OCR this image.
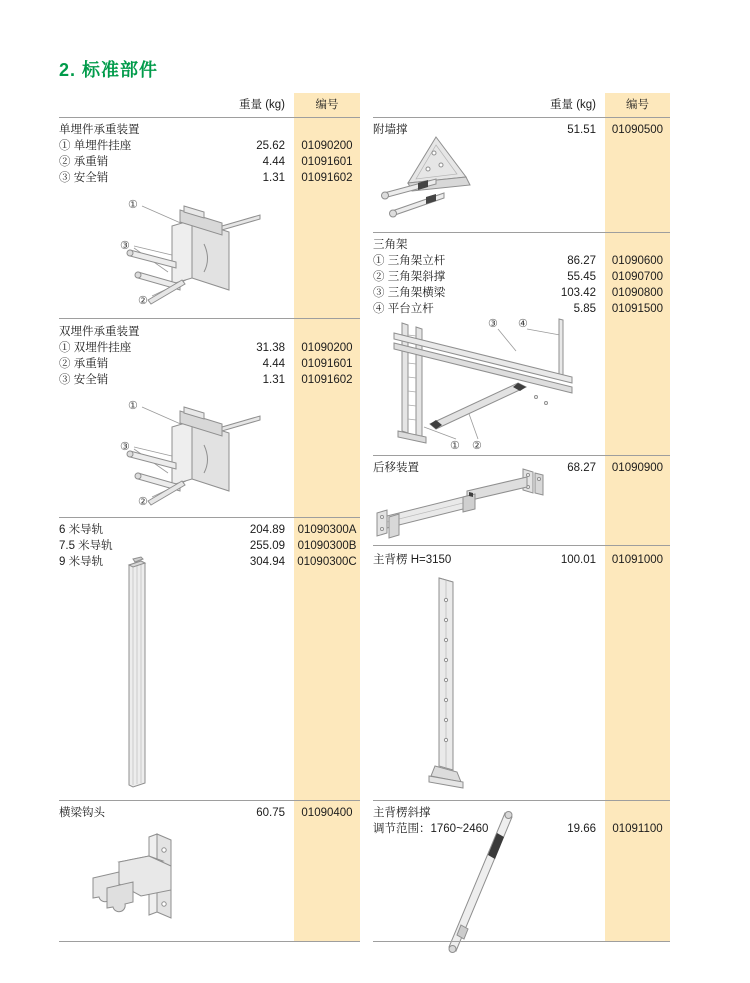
2. 标准部件
重量 (kg)	编号
单埋件承重装置
① 单埋件挂座	25.62	01090200
② 承重销	4.44	01091601
③ 安全销	1.31	01091602
①
③
②
双埋件承重装置
① 双埋件挂座	31.38	01090200
② 承重销	4.44	01091601
③ 安全销	1.31	01091602
①
③
②
6 米导轨	204.89	01090300A
7.5 米导轨	255.09	01090300B
9 米导轨	304.94 01090300C
横梁钩头	60.75	01090400
重量 (kg)	编号
附墙撑	51.51	01090500
三角架
① 三角架立杆	86.27	01090600
② 三角架斜撑	55.45	01090700
③ 三角架横梁	103.42	01090800
④ 平台立杆	5.85	01091500
③ ④
① ②
后移装置	68.27	01090900
主背楞 H=3150	100.01	01091000
主背楞斜撑
调节范围：1760~2460	19.66	01091100
